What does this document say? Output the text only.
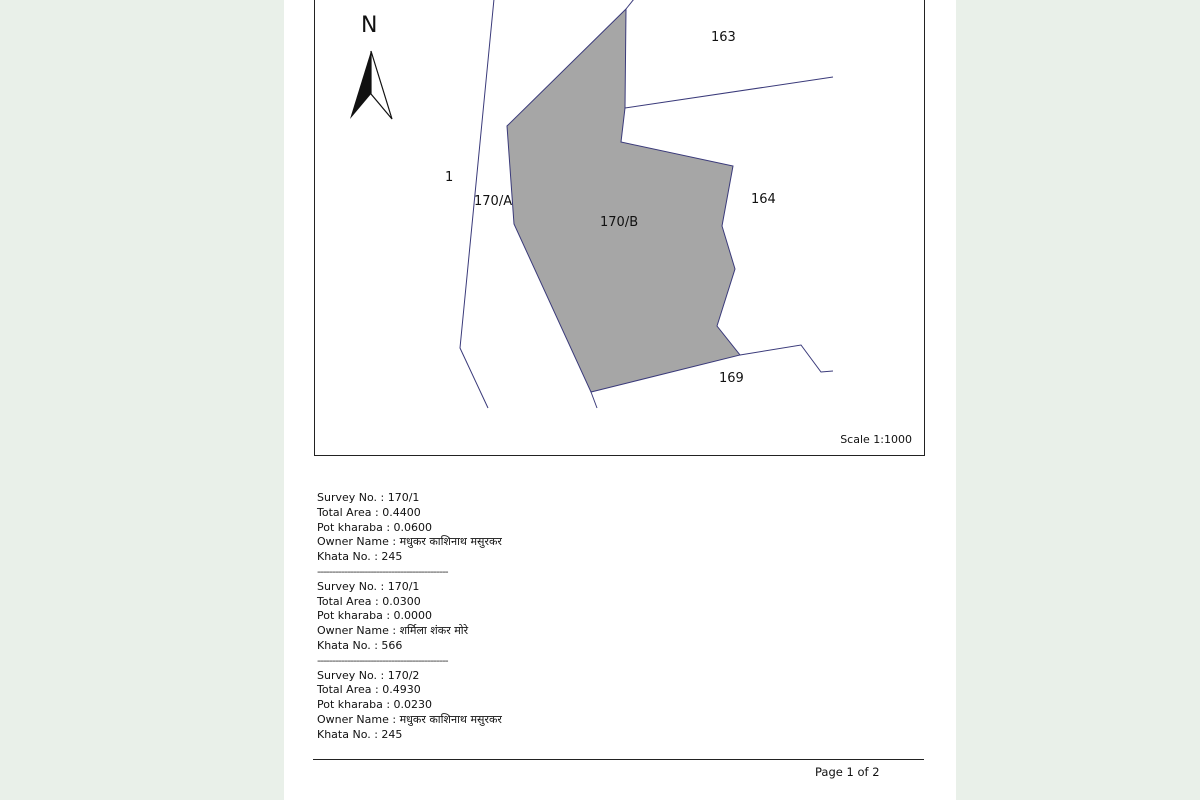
N	163
164
169
1
170/A
170/B
Scale 1:1000
Survey No. : 170/1
Total Area : 0.4400
Pot kharaba : 0.0600
Owner Name : मधुकर काशिनाथ मसुरकर
Khata No. : 245
--------------------------------------------
Survey No. : 170/1
Total Area : 0.0300
Pot kharaba : 0.0000
Owner Name : शर्मिला शंकर मोरे
Khata No. : 566
--------------------------------------------
Survey No. : 170/2
Total Area : 0.4930
Pot kharaba : 0.0230
Owner Name : मधुकर काशिनाथ मसुरकर
Khata No. : 245
Page 1 of 2
